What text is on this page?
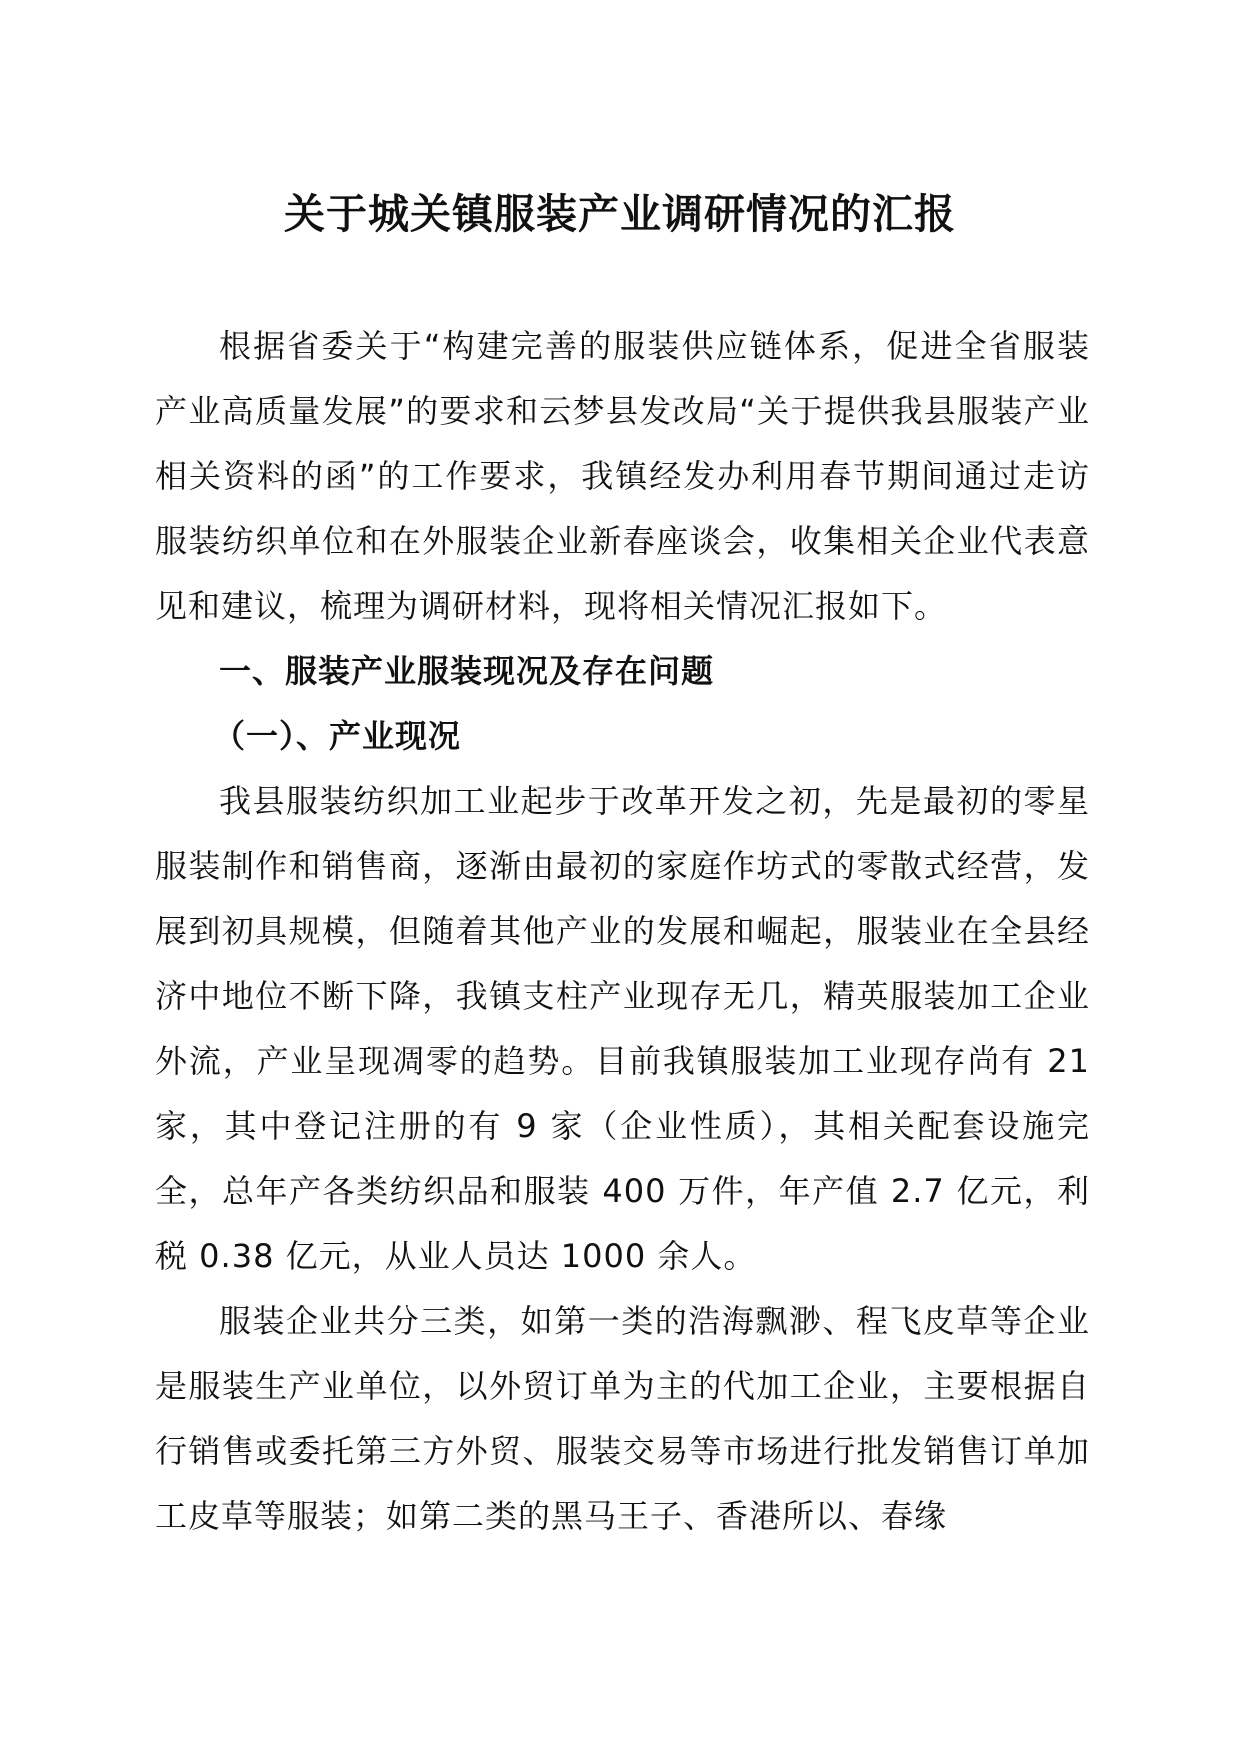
关于城关镇服装产业调研情况的汇报

根据省委关于“构建完善的服装供应链体系，促进全省服装产业高质量发展”的要求和云梦县发改局“关于提供我县服装产业相关资料的函”的工作要求，我镇经发办利用春节期间通过走访服装纺织单位和在外服装企业新春座谈会，收集相关企业代表意见和建议，梳理为调研材料，现将相关情况汇报如下。

一、服装产业服装现况及存在问题
（一）、产业现况

我县服装纺织加工业起步于改革开发之初，先是最初的零星服装制作和销售商，逐渐由最初的家庭作坊式的零散式经营，发展到初具规模，但随着其他产业的发展和崛起，服装业在全县经济中地位不断下降，我镇支柱产业现存无几，精英服装加工企业外流，产业呈现凋零的趋势。目前我镇服装加工业现存尚有 21 家，其中登记注册的有 9 家（企业性质），其相关配套设施完全，总年产各类纺织品和服装 400 万件，年产值 2.7 亿元，利税 0.38 亿元，从业人员达 1000 余人。

服装企业共分三类，如第一类的浩海飘渺、程飞皮草等企业是服装生产业单位，以外贸订单为主的代加工企业，主要根据自行销售或委托第三方外贸、服装交易等市场进行批发销售订单加工皮草等服装；如第二类的黑马王子、香港所以、春缘
